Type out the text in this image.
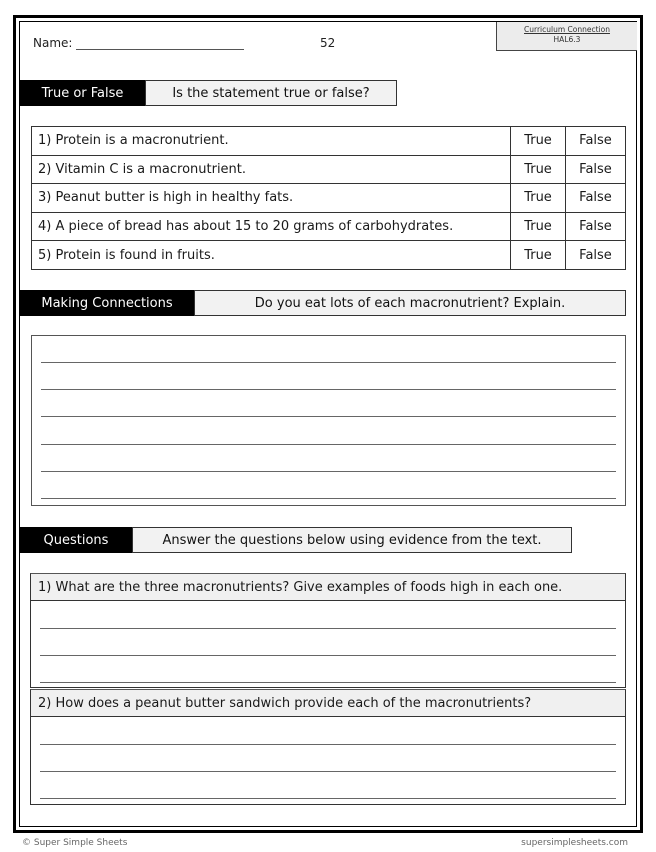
Name:	52
Curriculum Connection
HAL6.3
True or False	Is the statement true or false?
1) Protein is a macronutrient.	True	False
2) Vitamin C is a macronutrient.	True	False
3) Peanut butter is high in healthy fats.	True	False
4) A piece of bread has about 15 to 20 grams of carbohydrates.	True	False
5) Protein is found in fruits.	True	False
Making Connections	Do you eat lots of each macronutrient? Explain.
Questions	Answer the questions below using evidence from the text.
1) What are the three macronutrients? Give examples of foods high in each one.
2) How does a peanut butter sandwich provide each of the macronutrients?
© Super Simple Sheets	supersimplesheets.com
